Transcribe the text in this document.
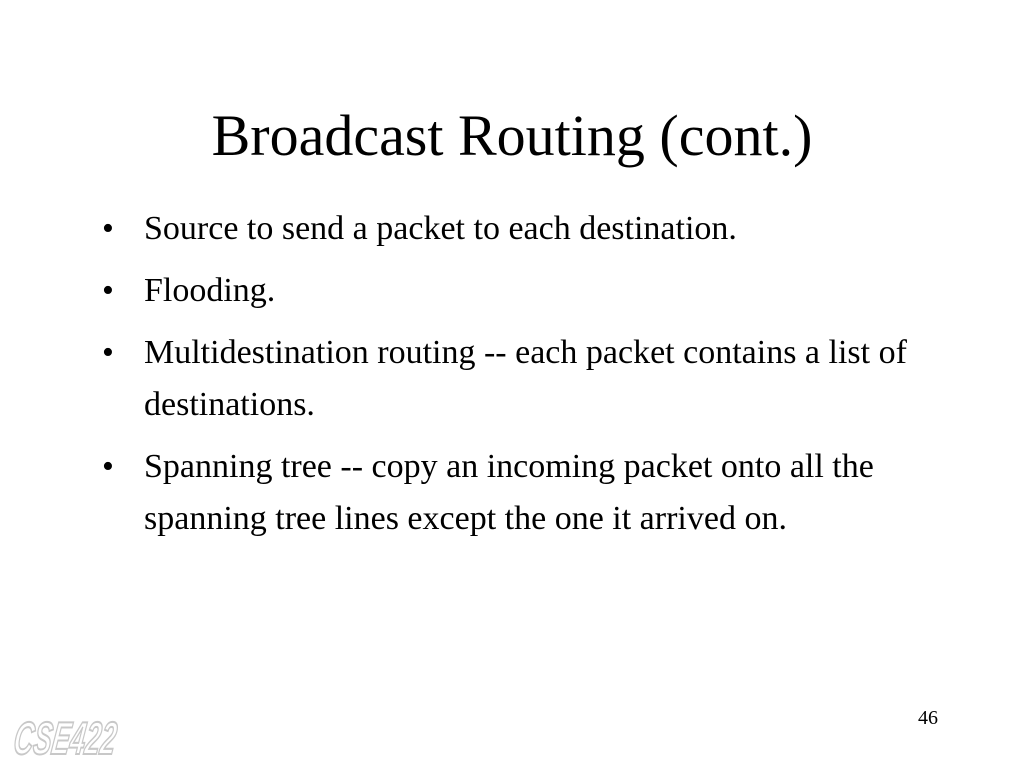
Broadcast Routing (cont.)
• Source to send a packet to each destination.
• Flooding.
• Multidestination routing -- each packet contains a list of destinations.
• Spanning tree -- copy an incoming packet onto all the spanning tree lines except the one it arrived on.
CSE422	46
